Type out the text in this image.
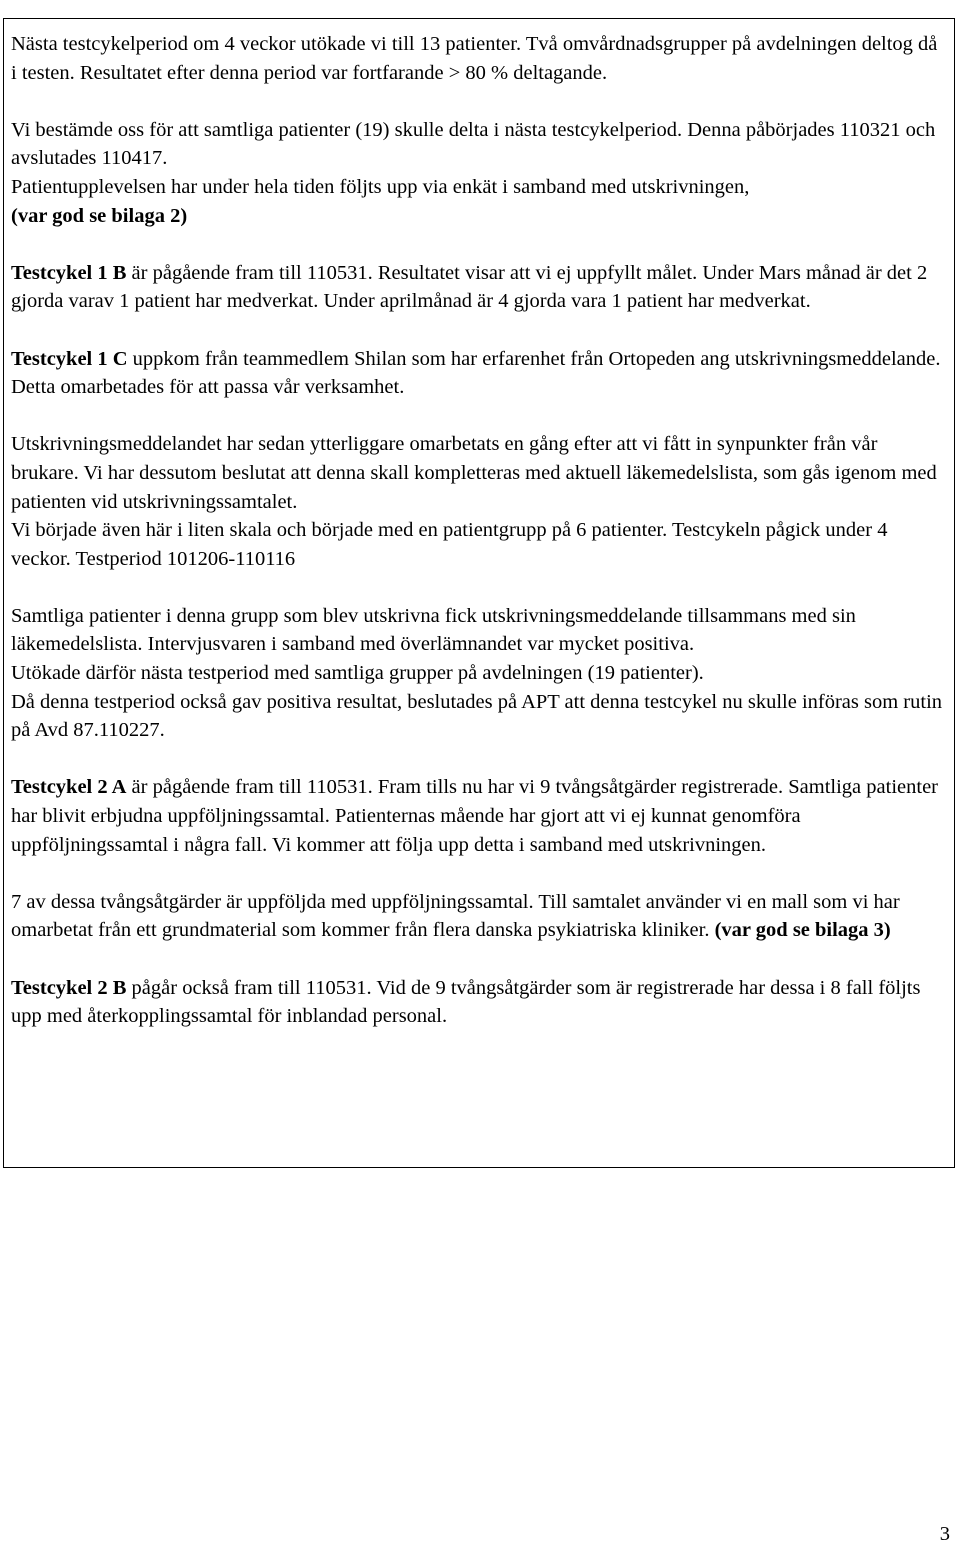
Nästa testcykelperiod om 4 veckor utökade vi till 13 patienter. Två omvårdnadsgrupper på avdelningen deltog då i testen. Resultatet efter denna period var fortfarande > 80 % deltagande.

Vi bestämde oss för att samtliga patienter (19) skulle delta i nästa testcykelperiod. Denna påbörjades 110321 och avslutades 110417.

Patientupplevelsen har under hela tiden följts upp via enkät i samband med utskrivningen,
(var god se bilaga 2)

Testcykel 1 B är pågående fram till 110531. Resultatet visar att vi ej uppfyllt målet. Under Mars månad är det 2 gjorda varav 1 patient har medverkat. Under aprilmånad är 4 gjorda vara 1 patient har medverkat.

Testcykel 1 C uppkom från teammedlem Shilan som har erfarenhet från Ortopeden ang utskrivningsmeddelande. Detta omarbetades för att passa vår verksamhet.

Utskrivningsmeddelandet har sedan ytterliggare omarbetats en gång efter att vi fått in synpunkter från vår brukare. Vi har dessutom beslutat att denna skall kompletteras med aktuell läkemedelslista, som gås igenom med patienten vid utskrivningssamtalet.

Vi började även här i liten skala och började med en patientgrupp på 6 patienter. Testcykeln pågick under 4 veckor. Testperiod 101206-110116

Samtliga patienter i denna grupp som blev utskrivna fick utskrivningsmeddelande tillsammans med sin läkemedelslista. Intervjusvaren i samband med överlämnandet var mycket positiva.

Utökade därför nästa testperiod med samtliga grupper på avdelningen (19 patienter).

Då denna testperiod också gav positiva resultat, beslutades på APT att denna testcykel nu skulle införas som rutin på Avd 87.110227.

Testcykel 2 A är pågående fram till 110531. Fram tills nu har vi 9 tvångsåtgärder registrerade. Samtliga patienter har blivit erbjudna uppföljningssamtal. Patienternas mående har gjort att vi ej kunnat genomföra uppföljningssamtal i några fall. Vi kommer att följa upp detta i samband med utskrivningen.

7 av dessa tvångsåtgärder är uppföljda med uppföljningssamtal. Till samtalet använder vi en mall som vi har omarbetat från ett grundmaterial som kommer från flera danska psykiatriska kliniker. (var god se bilaga 3)

Testcykel 2 B pågår också fram till 110531. Vid de 9 tvångsåtgärder som är registrerade har dessa i 8 fall följts upp med återkopplingssamtal för inblandad personal.

3
